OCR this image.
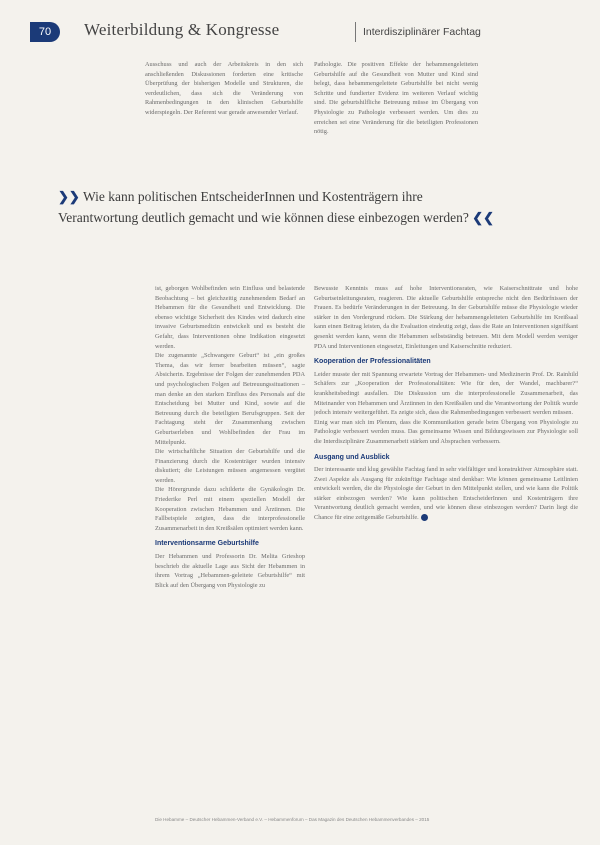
70	Weiterbildung & Kongresse	Interdisziplinärer Fachtag

Ausschuss und auch der Arbeitskreis in den sich anschließenden Diskussionen forderten eine kritische Überprüfung der bisherigen Modelle und Strukturen, die verdeutlichen, dass sich die Veränderung von Rahmenbedingungen in den klinischen Geburtshilfe widerspiegeln. Der Referent war gerade anwesender Verlauf.

Pathologie. Die positiven Effekte der hebammengeleiteten Geburtshilfe auf die Gesundheit von Mutter und Kind sind belegt, dass hebammengeleitete Geburtshilfe bei nicht wenig Schritte und fundierter Evidenz im weiteren Verlauf wichtig sind. Die geburtshilfliche Betreuung müsse im Übergang von Physiologie zu Pathologie verbessert werden. Um dies zu erreichen sei eine Veränderung für die beteiligten Professionen nötig.

❯❯ Wie kann politischen EntscheiderInnen und Kostenträgern ihre Verantwortung deutlich gemacht und wie können diese einbezogen werden? ❮❮

ist, geborgen Wohlbefinden sein Einfluss und belastende Beobachtung – bei gleichzeitig zunehmendem Bedarf an Hebammen für die Gesundheit und Entwicklung. Die ebenso wichtige Sicherheit des Kindes wird dadurch eine invasive Geburtsmedizin entwickelt und es besteht die Gefahr, dass Interventionen ohne Indikation eingesetzt werden.

Die zugenannte „Schwangere Geburt“ ist „ein großes Thema, das wir ferner bearbeiten müssen“, sagte Absicherin. Ergebnisse der Folgen der zunehmenden PDA und psychologischen Folgen auf Betreuungssituationen – man denke an den starken Einfluss des Personals auf die Entscheidung bei Mutter und Kind, sowie auf die Betreuung durch die beteiligten Berufsgruppen. Seit der Fachtagung steht der Zusammenhang zwischen Geburtserleben und Wohlbefinden der Frau im Mittelpunkt.

Die wirtschaftliche Situation der Geburtshilfe und die Finanzierung durch die Kostenträger wurden intensiv diskutiert; die Leistungen müssen angemessen vergütet werden.

Die Hörergrunde dazu schilderte die Gynäkologin Dr. Friederike Perl mit einem speziellen Modell der Kooperation zwischen Hebammen und Ärztinnen. Die Fallbeispiele zeigten, dass die interprofessionelle Zusammenarbeit in den Kreißsälen optimiert werden kann.

Interventionsarme Geburtshilfe

Der Hebammen und Professorin Dr. Melita Grieshop beschrieb die aktuelle Lage aus Sicht der Hebammen in ihrem Vortrag „Hebammen-geleitete Geburtshilfe“ mit Blick auf den Übergang von Physiologie zu

Bewusste Kenntnis muss auf hohe Interventionsraten, wie Kaiserschnittrate und hohe Geburtseinleitungsraten, reagieren. Die aktuelle Geburtshilfe entspreche nicht den Bedürfnissen der Frauen. Es bedürfe Veränderungen in der Betreuung. In der Geburtshilfe müsse die Physiologie wieder stärker in den Vordergrund rücken. Die Stärkung der hebammengeleiteten Geburtshilfe im Kreißsaal kann einen Beitrag leisten, da die Evaluation eindeutig zeigt, dass die Rate an Interventionen signifikant gesenkt werden kann, wenn die Hebammen selbstständig betreuen. Mit dem Modell werden weniger PDA und Interventionen eingesetzt, Einleitungen und Kaiserschnitte reduziert.

Kooperation der Professionalitäten

Leider musste der mit Spannung erwartete Vortrag der Hebammen- und Medizinerin Prof. Dr. Rainhild Schäfers zur „Kooperation der Professionalitäten: Wie für den, der Wandel, machbarer?“ krankheitsbedingt ausfallen. Die Diskussion um die interprofessionelle Zusammenarbeit, das Miteinander von Hebammen und Ärztinnen in den Kreißsälen und die Verantwortung der Politik wurde jedoch intensiv weitergeführt. Es zeigte sich, dass die Rahmenbedingungen verbessert werden müssen.

Einig war man sich im Plenum, dass die Kommunikation gerade beim Übergang von Physiologie zu Pathologie verbessert werden muss. Das gemeinsame Wissen und Bildungswissen zur Physiologie soll die Interdisziplinäre Zusammenarbeit stärken und Absprachen verbessern.

Ausgang und Ausblick

Der interessante und klug gewählte Fachtag fand in sehr vielfältiger und konstruktiver Atmosphäre statt. Zwei Aspekte als Ausgang für zukünftige Fachtage sind denkbar: Wie können gemeinsame Leitlinien entwickelt werden, die die Physiologie der Geburt in den Mittelpunkt stellen, und wie kann die Politik stärker einbezogen werden? Wie kann politischen EntscheiderInnen und Kostenträgern ihre Verantwortung deutlich gemacht werden, und wie können diese einbezogen werden? Darin liegt die Chance für eine zeitgemäße Geburtshilfe.

Die Hebamme – Deutscher Hebammen-Verband e.V. – Hebammenforum – Das Magazin des Deutschen Hebammenverbandes – 2015
